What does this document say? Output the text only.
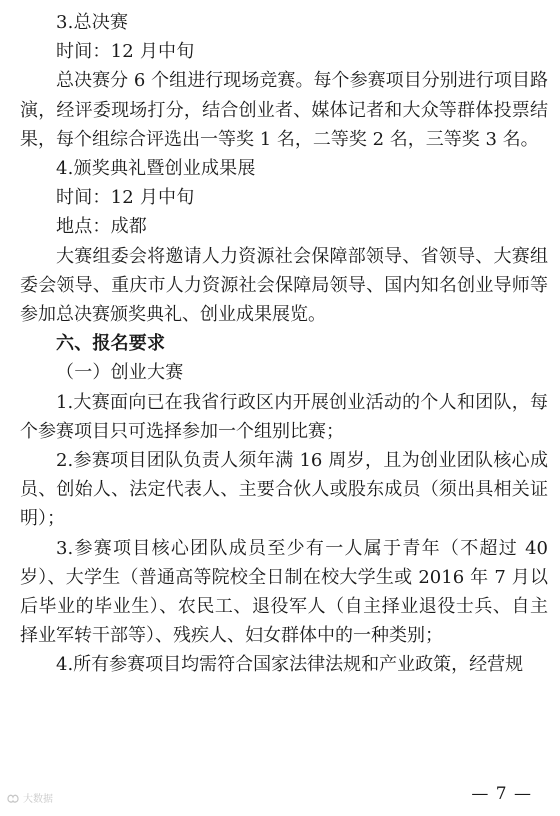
3.总决赛
时间：12 月中旬
总决赛分 6 个组进行现场竞赛。每个参赛项目分别进行项目路演，经评委现场打分，结合创业者、媒体记者和大众等群体投票结果，每个组综合评选出一等奖 1 名，二等奖 2 名，三等奖 3 名。
4.颁奖典礼暨创业成果展
时间：12 月中旬
地点：成都
大赛组委会将邀请人力资源社会保障部领导、省领导、大赛组委会领导、重庆市人力资源社会保障局领导、国内知名创业导师等参加总决赛颁奖典礼、创业成果展览。
六、报名要求
（一）创业大赛
1.大赛面向已在我省行政区内开展创业活动的个人和团队，每个参赛项目只可选择参加一个组别比赛；
2.参赛项目团队负责人须年满 16 周岁，且为创业团队核心成员、创始人、法定代表人、主要合伙人或股东成员（须出具相关证明）；
3.参赛项目核心团队成员至少有一人属于青年（不超过 40 岁）、大学生（普通高等院校全日制在校大学生或 2016 年 7 月以后毕业的毕业生）、农民工、退役军人（自主择业退役士兵、自主择业军转干部等）、残疾人、妇女群体中的一种类别；
4.所有参赛项目均需符合国家法律法规和产业政策，经营规
大数据	— 7 —
